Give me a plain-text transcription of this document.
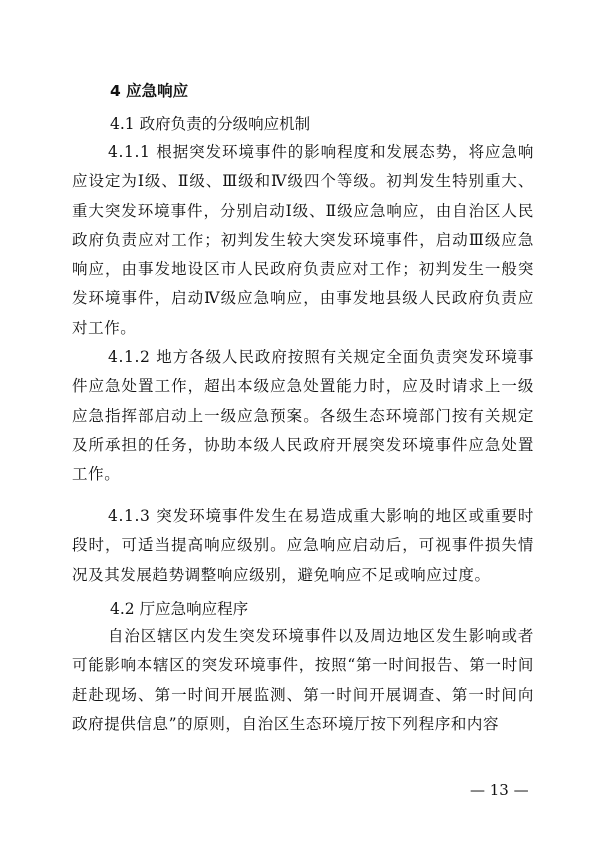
4 应急响应
4.1 政府负责的分级响应机制
4.1.1 根据突发环境事件的影响程度和发展态势，将应急响应设定为Ⅰ级、Ⅱ级、Ⅲ级和Ⅳ级四个等级。初判发生特别重大、重大突发环境事件，分别启动Ⅰ级、Ⅱ级应急响应，由自治区人民政府负责应对工作；初判发生较大突发环境事件，启动Ⅲ级应急响应，由事发地设区市人民政府负责应对工作；初判发生一般突发环境事件，启动Ⅳ级应急响应，由事发地县级人民政府负责应对工作。
4.1.2 地方各级人民政府按照有关规定全面负责突发环境事件应急处置工作，超出本级应急处置能力时，应及时请求上一级应急指挥部启动上一级应急预案。各级生态环境部门按有关规定及所承担的任务，协助本级人民政府开展突发环境事件应急处置工作。
4.1.3 突发环境事件发生在易造成重大影响的地区或重要时段时，可适当提高响应级别。应急响应启动后，可视事件损失情况及其发展趋势调整响应级别，避免响应不足或响应过度。
4.2 厅应急响应程序
自治区辖区内发生突发环境事件以及周边地区发生影响或者可能影响本辖区的突发环境事件，按照“第一时间报告、第一时间赶赴现场、第一时间开展监测、第一时间开展调查、第一时间向政府提供信息”的原则，自治区生态环境厅按下列程序和内容
— 13 —
